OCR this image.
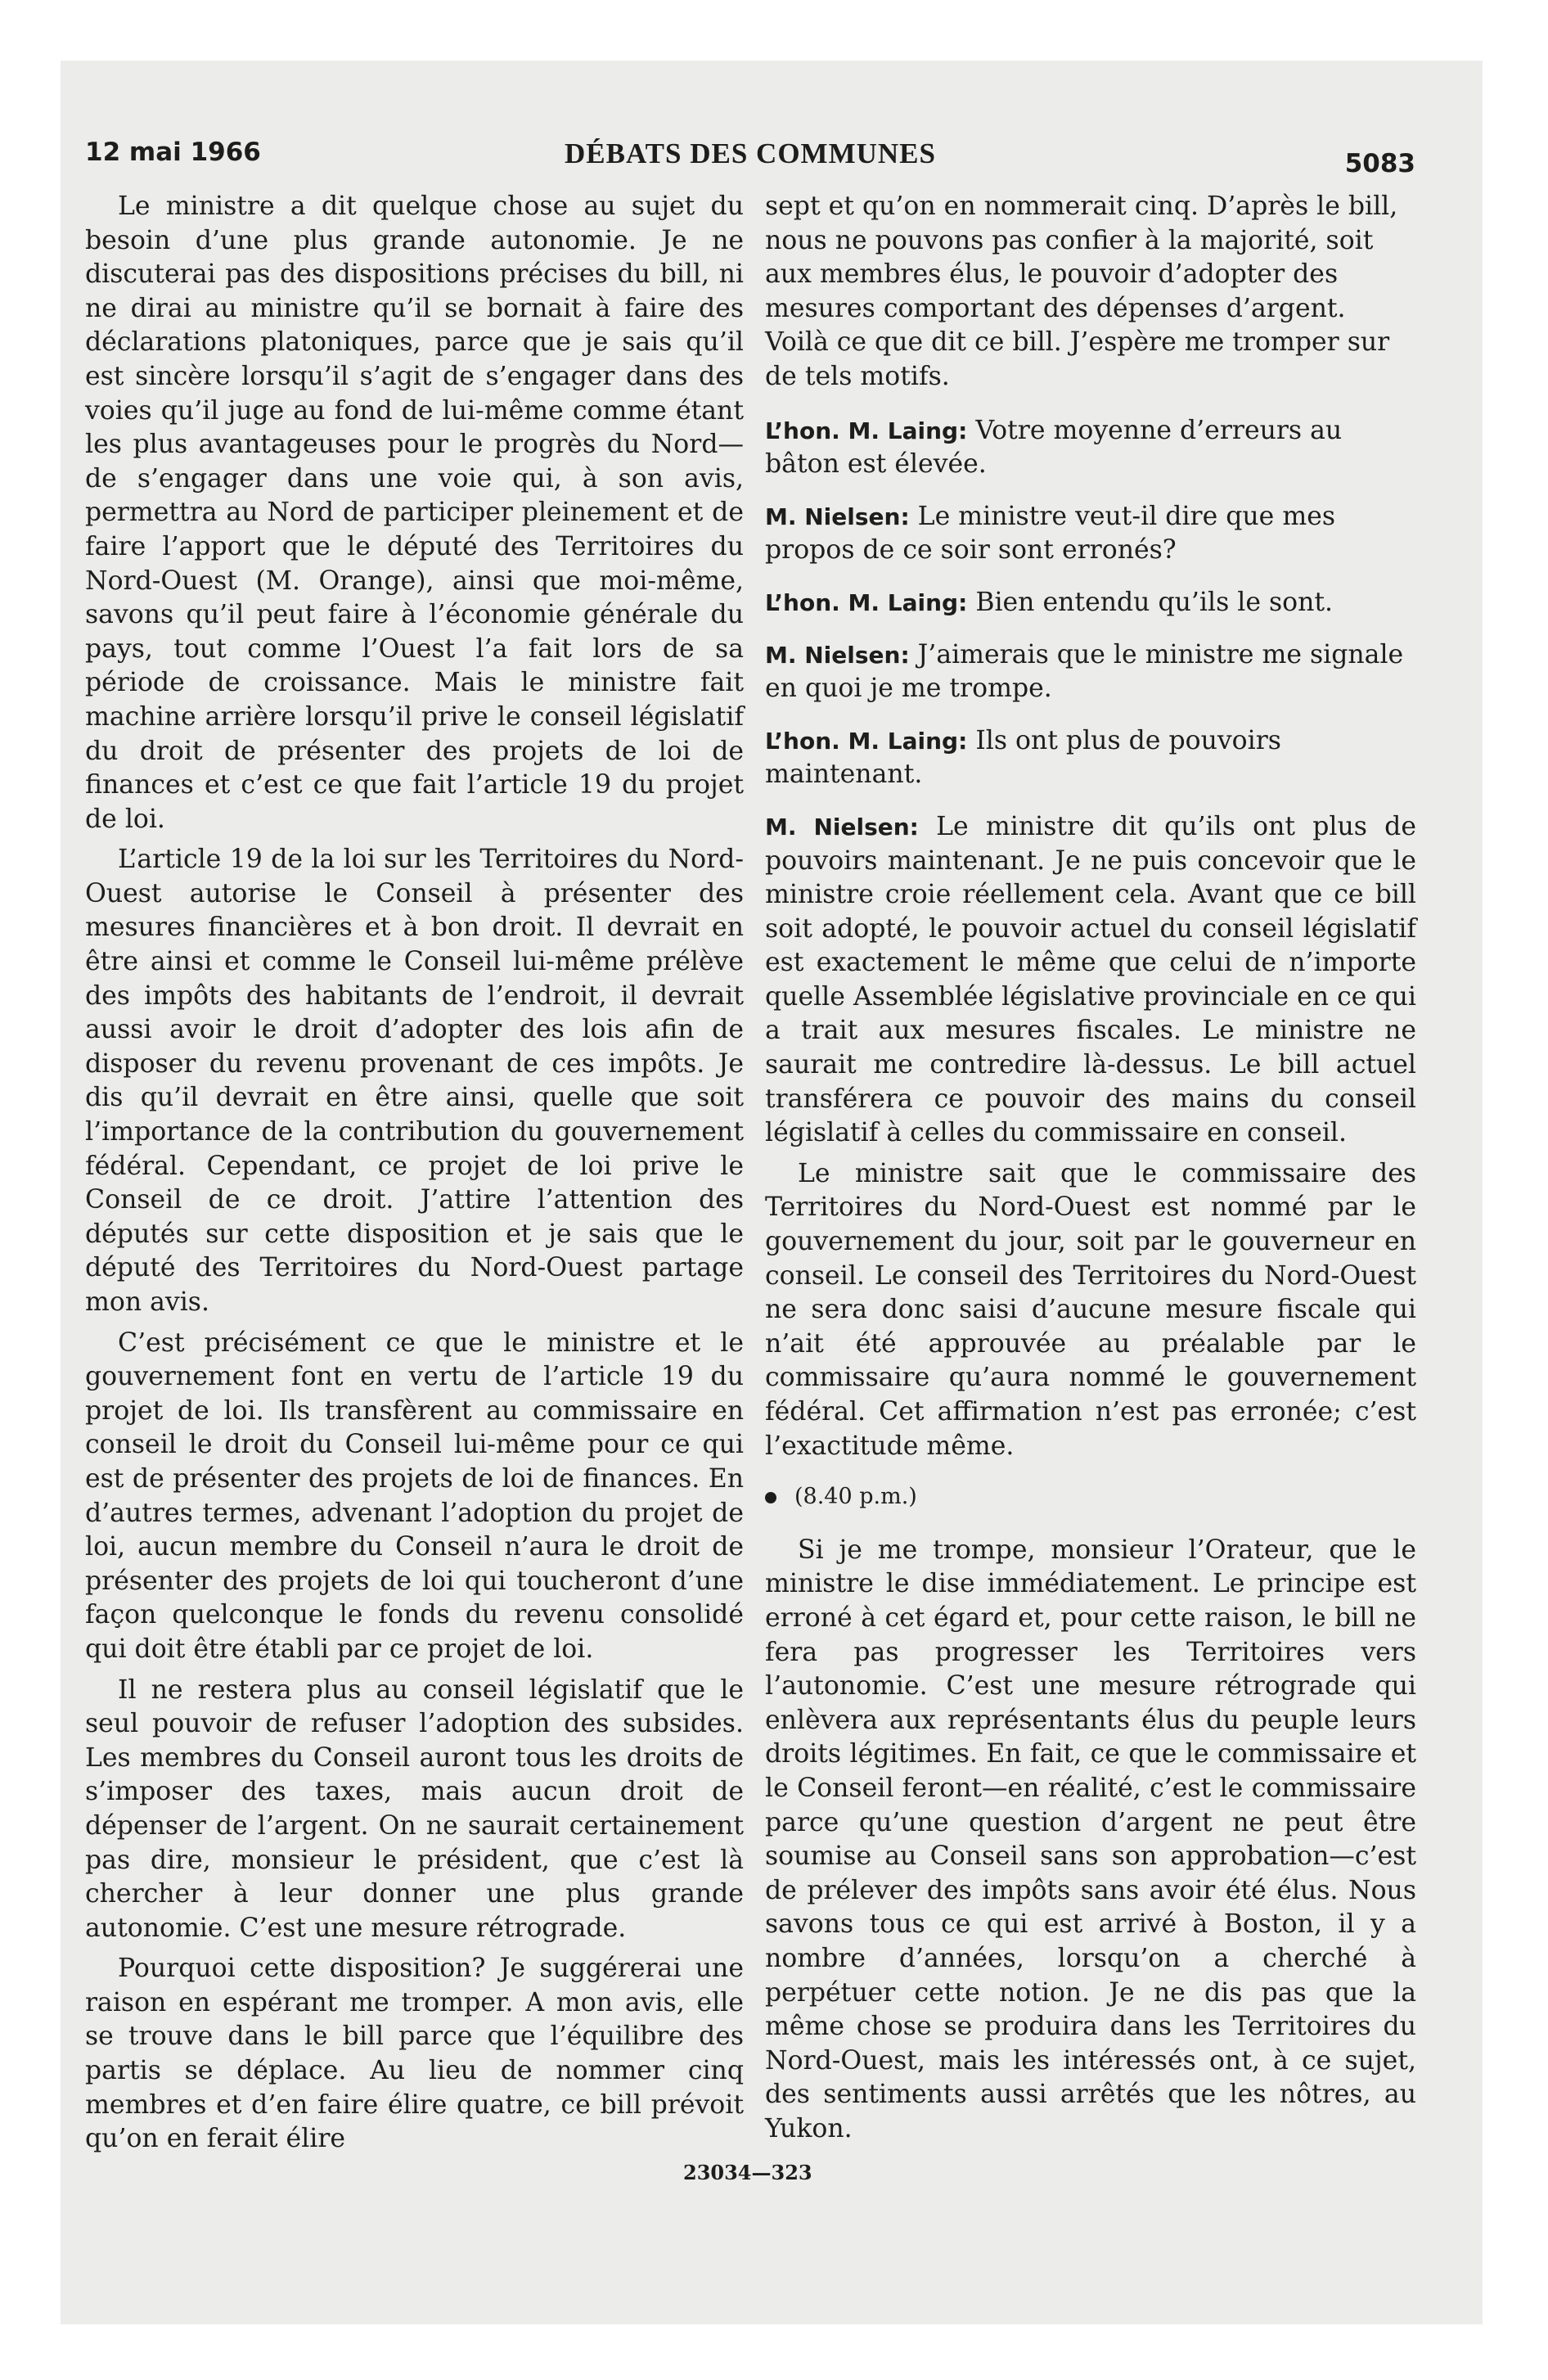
12 mai 1966	DÉBATS DES COMMUNES	5083

Le ministre a dit quelque chose au sujet du besoin d’une plus grande autonomie. Je ne discuterai pas des dispositions précises du bill, ni ne dirai au ministre qu’il se bornait à faire des déclarations platoniques, parce que je sais qu’il est sincère lorsqu’il s’agit de s’engager dans des voies qu’il juge au fond de lui-même comme étant les plus avantageuses pour le progrès du Nord—de s’engager dans une voie qui, à son avis, permettra au Nord de participer pleinement et de faire l’apport que le député des Territoires du Nord-Ouest (M. Orange), ainsi que moi-même, savons qu’il peut faire à l’économie générale du pays, tout comme l’Ouest l’a fait lors de sa période de croissance. Mais le ministre fait machine arrière lorsqu’il prive le conseil législatif du droit de présenter des projets de loi de finances et c’est ce que fait l’article 19 du projet de loi.

L’article 19 de la loi sur les Territoires du Nord-Ouest autorise le Conseil à présenter des mesures financières et à bon droit. Il devrait en être ainsi et comme le Conseil lui-même prélève des impôts des habitants de l’endroit, il devrait aussi avoir le droit d’adopter des lois afin de disposer du revenu provenant de ces impôts. Je dis qu’il devrait en être ainsi, quelle que soit l’importance de la contribution du gouvernement fédéral. Cependant, ce projet de loi prive le Conseil de ce droit. J’attire l’attention des députés sur cette disposition et je sais que le député des Territoires du Nord-Ouest partage mon avis.

C’est précisément ce que le ministre et le gouvernement font en vertu de l’article 19 du projet de loi. Ils transfèrent au commissaire en conseil le droit du Conseil lui-même pour ce qui est de présenter des projets de loi de finances. En d’autres termes, advenant l’adoption du projet de loi, aucun membre du Conseil n’aura le droit de présenter des projets de loi qui toucheront d’une façon quelconque le fonds du revenu consolidé qui doit être établi par ce projet de loi.

Il ne restera plus au conseil législatif que le seul pouvoir de refuser l’adoption des subsides. Les membres du Conseil auront tous les droits de s’imposer des taxes, mais aucun droit de dépenser de l’argent. On ne saurait certainement pas dire, monsieur le président, que c’est là chercher à leur donner une plus grande autonomie. C’est une mesure rétrograde.

Pourquoi cette disposition? Je suggérerai une raison en espérant me tromper. A mon avis, elle se trouve dans le bill parce que l’équilibre des partis se déplace. Au lieu de nommer cinq membres et d’en faire élire quatre, ce bill prévoit qu’on en ferait élire

sept et qu’on en nommerait cinq. D’après le bill, nous ne pouvons pas confier à la majorité, soit aux membres élus, le pouvoir d’adopter des mesures comportant des dépenses d’argent. Voilà ce que dit ce bill. J’espère me tromper sur de tels motifs.

L’hon. M. Laing: Votre moyenne d’erreurs au bâton est élevée.

M. Nielsen: Le ministre veut-il dire que mes propos de ce soir sont erronés?

L’hon. M. Laing: Bien entendu qu’ils le sont.

M. Nielsen: J’aimerais que le ministre me signale en quoi je me trompe.

L’hon. M. Laing: Ils ont plus de pouvoirs maintenant.

M. Nielsen: Le ministre dit qu’ils ont plus de pouvoirs maintenant. Je ne puis concevoir que le ministre croie réellement cela. Avant que ce bill soit adopté, le pouvoir actuel du conseil législatif est exactement le même que celui de n’importe quelle Assemblée législative provinciale en ce qui a trait aux mesures fiscales. Le ministre ne saurait me contredire là-dessus. Le bill actuel transférera ce pouvoir des mains du conseil législatif à celles du commissaire en conseil.

Le ministre sait que le commissaire des Territoires du Nord-Ouest est nommé par le gouvernement du jour, soit par le gouverneur en conseil. Le conseil des Territoires du Nord-Ouest ne sera donc saisi d’aucune mesure fiscale qui n’ait été approuvée au préalable par le commissaire qu’aura nommé le gouvernement fédéral. Cet affirmation n’est pas erronée; c’est l’exactitude même.

(8.40 p.m.)

Si je me trompe, monsieur l’Orateur, que le ministre le dise immédiatement. Le principe est erroné à cet égard et, pour cette raison, le bill ne fera pas progresser les Territoires vers l’autonomie. C’est une mesure rétrograde qui enlèvera aux représentants élus du peuple leurs droits légitimes. En fait, ce que le commissaire et le Conseil feront—en réalité, c’est le commissaire parce qu’une question d’argent ne peut être soumise au Conseil sans son approbation—c’est de prélever des impôts sans avoir été élus. Nous savons tous ce qui est arrivé à Boston, il y a nombre d’années, lorsqu’on a cherché à perpétuer cette notion. Je ne dis pas que la même chose se produira dans les Territoires du Nord-Ouest, mais les intéressés ont, à ce sujet, des sentiments aussi arrêtés que les nôtres, au Yukon.

23034—323
